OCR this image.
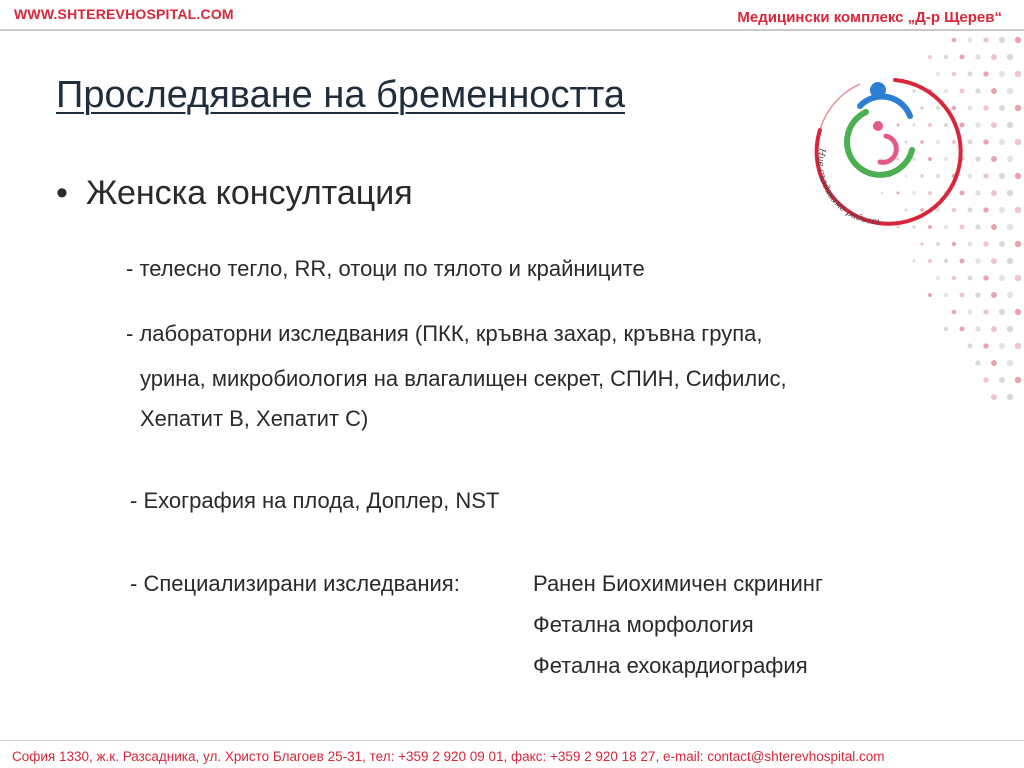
WWW.SHTEREVHOSPITAL.COM	Медицински комплекс „Д-р Щерев“
Проследяване на бременността
• Женска консултация
- телесно тегло, RR, отоци по тялото и крайниците
- лабораторни изследвания (ПКК, кръвна захар, кръвна група,
урина, микробиология на влагалищен секрет, СПИН, Сифилис,
Хепатит В, Хепатит С)
- Ехография на плода, Доплер, NST
- Специализирани изследвания:	Ранен Биохимичен скрининг
Фетална морфология
Фетална ехокардиография
Ние създаваме радост
София 1330, ж.к. Разсадника, ул. Христо Благоев 25-31, тел: +359 2 920 09 01, факс: +359 2 920 18 27, e-mail: contact@shterevhospital.com
